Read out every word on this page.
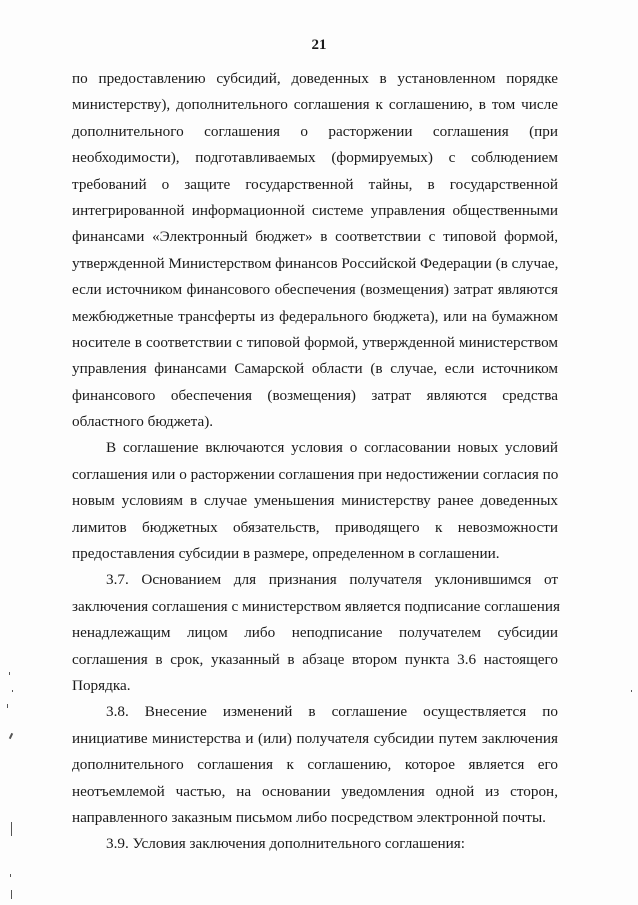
21
по предоставлению субсидий, доведенных в установленном порядке
министерству), дополнительного соглашения к соглашению, в том числе
дополнительного соглашения о расторжении соглашения (при
необходимости), подготавливаемых (формируемых) с соблюдением
требований о защите государственной тайны, в государственной
интегрированной информационной системе управления общественными
финансами «Электронный бюджет» в соответствии с типовой формой,
утвержденной Министерством финансов Российской Федерации (в случае,
если источником финансового обеспечения (возмещения) затрат являются
межбюджетные трансферты из федерального бюджета), или на бумажном
носителе в соответствии с типовой формой, утвержденной министерством
управления финансами Самарской области (в случае, если источником
финансового обеспечения (возмещения) затрат являются средства
областного бюджета).
В соглашение включаются условия о согласовании новых условий
соглашения или о расторжении соглашения при недостижении согласия по
новым условиям в случае уменьшения министерству ранее доведенных
лимитов бюджетных обязательств, приводящего к невозможности
предоставления субсидии в размере, определенном в соглашении.
3.7. Основанием для признания получателя уклонившимся от
заключения соглашения с министерством является подписание соглашения
ненадлежащим лицом либо неподписание получателем субсидии
соглашения в срок, указанный в абзаце втором пункта 3.6 настоящего
Порядка.
3.8. Внесение изменений в соглашение осуществляется по
инициативе министерства и (или) получателя субсидии путем заключения
дополнительного соглашения к соглашению, которое является его
неотъемлемой частью, на основании уведомления одной из сторон,
направленного заказным письмом либо посредством электронной почты.
3.9. Условия заключения дополнительного соглашения:
